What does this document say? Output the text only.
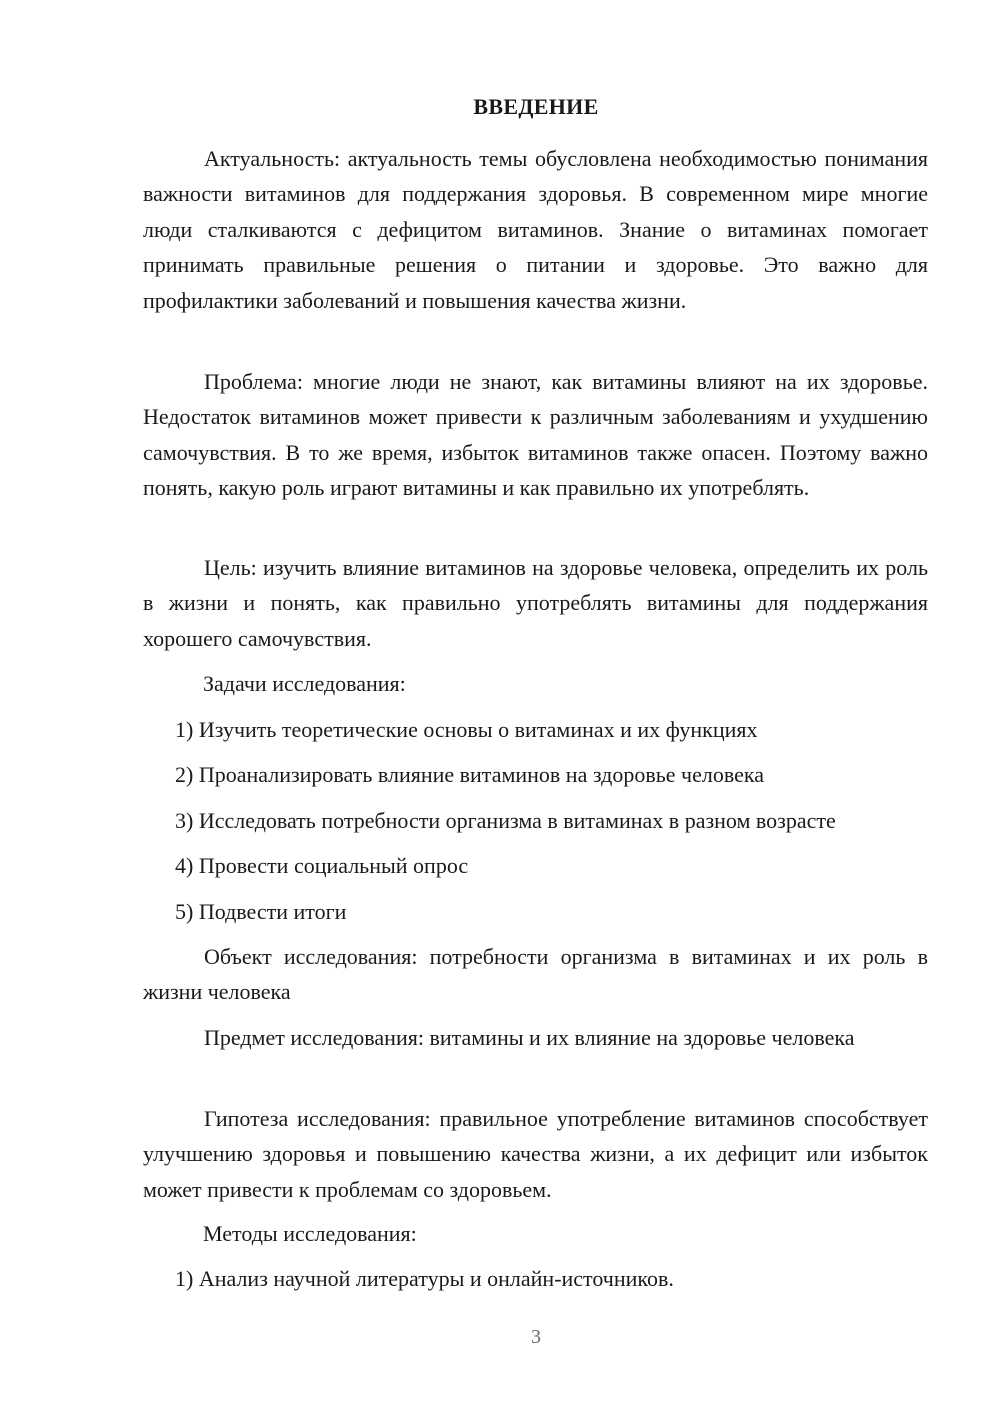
ВВЕДЕНИЕ

Актуальность: актуальность темы обусловлена необходимостью понимания важности витаминов для поддержания здоровья. В современном мире многие люди сталкиваются с дефицитом витаминов. Знание о витаминах помогает принимать правильные решения о питании и здоровье. Это важно для профилактики заболеваний и повышения качества жизни.

Проблема: многие люди не знают, как витамины влияют на их здоровье. Недостаток витаминов может привести к различным заболеваниям и ухудшению самочувствия. В то же время, избыток витаминов также опасен. Поэтому важно понять, какую роль играют витамины и как правильно их употреблять.

Цель: изучить влияние витаминов на здоровье человека, определить их роль в жизни и понять, как правильно употреблять витамины для поддержания хорошего самочувствия.

Задачи исследования:
1) Изучить теоретические основы о витаминах и их функциях
2) Проанализировать влияние витаминов на здоровье человека
3) Исследовать потребности организма в витаминах в разном возрасте
4) Провести социальный опрос
5) Подвести итоги

Объект исследования: потребности организма в витаминах и их роль в жизни человека

Предмет исследования: витамины и их влияние на здоровье человека

Гипотеза исследования: правильное употребление витаминов способствует улучшению здоровья и повышению качества жизни, а их дефицит или избыток может привести к проблемам со здоровьем.

Методы исследования:
1) Анализ научной литературы и онлайн-источников.
3
